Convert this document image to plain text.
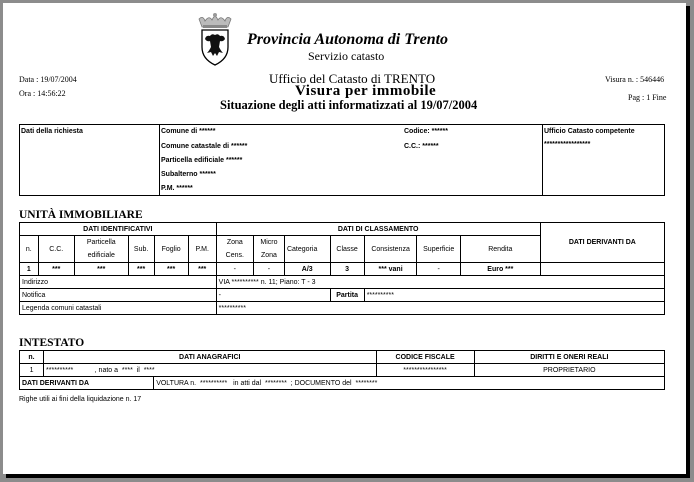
Provincia Autonoma di Trento
Servizio catasto
Ufficio del Catasto di TRENTO
Visura per immobile
Situazione degli atti informatizzati al 19/07/2004
Data : 19/07/2004
Ora : 14:56:22
Visura n. : 546446
Pag : 1 Fine
Dati della richiesta	Comune di ******
Comune catastale di ******
Particella edificiale ******
Subalterno ******
P.M. ******
Codice: ******
C.C.: ******
Ufficio Catasto competente
*****************
UNITÀ IMMOBILIARE
DATI IDENTIFICATIVI						DATI DI CLASSAMENTO							DATI DERIVANTI DA
n.	C.C.	Particella edificiale	Sub.	Foglio	P.M.	Zona Cens.	Micro Zona	Categoria	Classe	Consistenza	Superficie	Rendita	
1	***	***	***	***	***	-	-	A/3	3	*** vani	-	Euro ***	
Indirizzo						VIA ********** n. 11; Piano: T - 3							
Notifica						-			Partita	**********			
Legenda comuni catastali						**********							
INTESTATO
n.	DATI ANAGRAFICI		CODICE FISCALE	DIRITTI E ONERI REALI
1	**********           , nato a  ****  il  ****		****************	PROPRIETARIO
DATI DERIVANTI DA		VOLTURA n.  **********   in atti dal  ********  ; DOCUMENTO del  ********		
Righe utili ai fini della liquidazione n. 17
